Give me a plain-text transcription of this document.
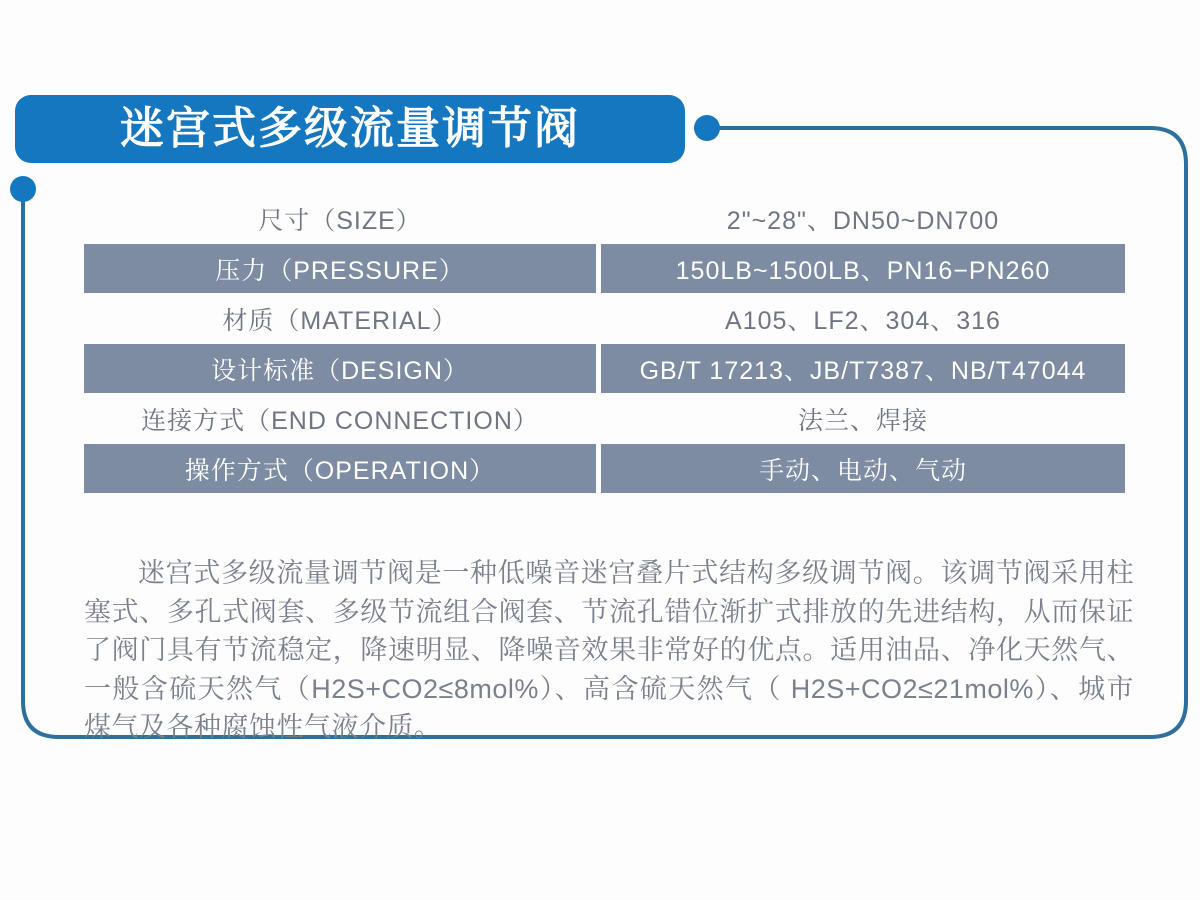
迷宫式多级流量调节阀
尺寸（SIZE）	2"~28"、DN50~DN700
压力（PRESSURE）	150LB~1500LB、PN16−PN260
材质（MATERIAL）	A105、LF2、304、316
设计标准（DESIGN）	GB/T 17213、JB/T7387、NB/T47044
连接方式（END CONNECTION）	法兰、焊接
操作方式（OPERATION）	手动、电动、气动

迷宫式多级流量调节阀是一种低噪音迷宫叠片式结构多级调节阀。该调节阀采用柱塞式、多孔式阀套、多级节流组合阀套、节流孔错位渐扩式排放的先进结构，从而保证了阀门具有节流稳定，降速明显、降噪音效果非常好的优点。适用油品、净化天然气、一般含硫天然气（H2S+CO2≤8mol%）、高含硫天然气（ H2S+CO2≤21mol%）、城市煤气及各种腐蚀性气液介质。
